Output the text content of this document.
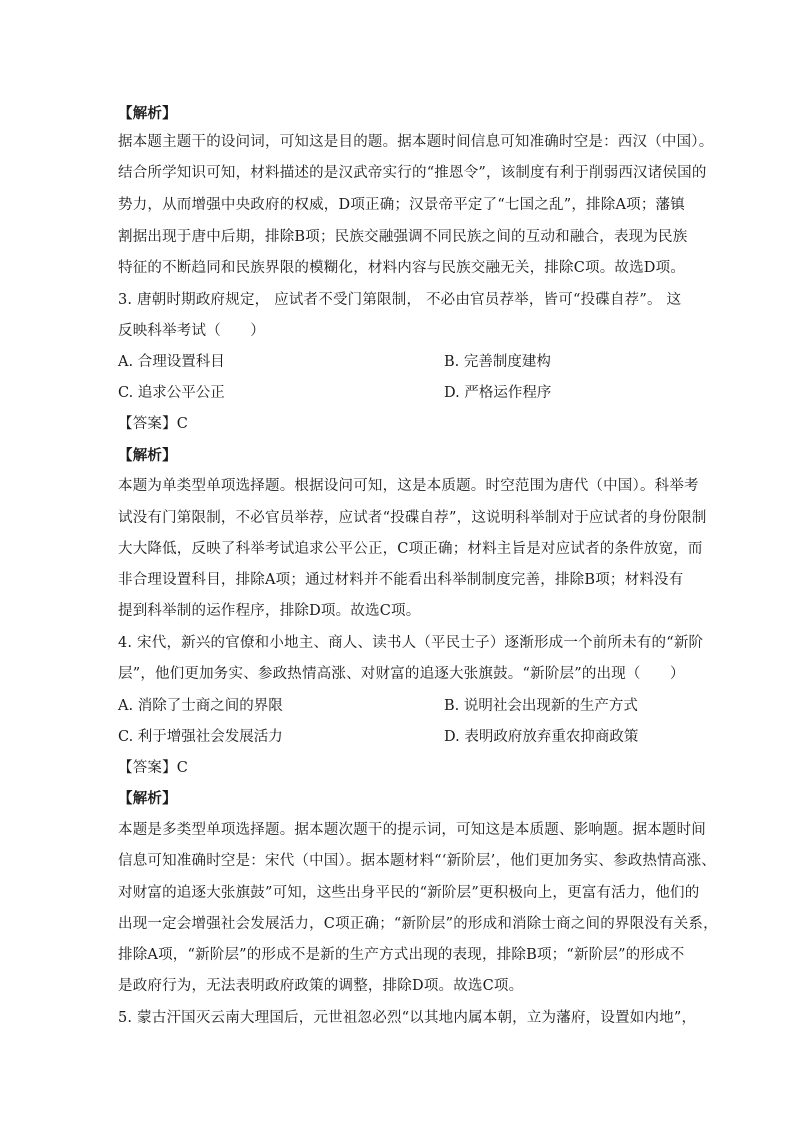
【解析】
据本题主题干的设问词，可知这是目的题。据本题时间信息可知准确时空是：西汉（中国）。
结合所学知识可知，材料描述的是汉武帝实行的“推恩令”，该制度有利于削弱西汉诸侯国的
势力，从而增强中央政府的权威，D项正确；汉景帝平定了“七国之乱”，排除A项；藩镇
割据出现于唐中后期，排除B项；民族交融强调不同民族之间的互动和融合，表现为民族
特征的不断趋同和民族界限的模糊化，材料内容与民族交融无关，排除C项。故选D项。
3. 唐朝时期政府规定， 应试者不受门第限制， 不必由官员荐举，皆可“投碟自荐”。 这
反映科举考试（　　）
A. 合理设置科目	B. 完善制度建构
C. 追求公平公正	D. 严格运作程序
【答案】C
【解析】
本题为单类型单项选择题。根据设问可知，这是本质题。时空范围为唐代（中国）。科举考
试没有门第限制，不必官员举荐，应试者“投碟自荐”，这说明科举制对于应试者的身份限制
大大降低，反映了科举考试追求公平公正，C项正确；材料主旨是对应试者的条件放宽，而
非合理设置科目，排除A项；通过材料并不能看出科举制制度完善，排除B项；材料没有
提到科举制的运作程序，排除D项。故选C项。
4. 宋代，新兴的官僚和小地主、商人、读书人（平民士子）逐渐形成一个前所未有的“新阶
层”，他们更加务实、参政热情高涨、对财富的追逐大张旗鼓。“新阶层”的出现（　　）
A. 消除了士商之间的界限	B. 说明社会出现新的生产方式
C. 利于增强社会发展活力	D. 表明政府放弃重农抑商政策
【答案】C
【解析】
本题是多类型单项选择题。据本题次题干的提示词，可知这是本质题、影响题。据本题时间
信息可知准确时空是：宋代（中国）。据本题材料“‘新阶层’，他们更加务实、参政热情高涨、
对财富的追逐大张旗鼓”可知，这些出身平民的“新阶层”更积极向上，更富有活力，他们的
出现一定会增强社会发展活力，C项正确；“新阶层”的形成和消除士商之间的界限没有关系，
排除A项，“新阶层”的形成不是新的生产方式出现的表现，排除B项；“新阶层”的形成不
是政府行为，无法表明政府政策的调整，排除D项。故选C项。
5. 蒙古汗国灭云南大理国后，元世祖忽必烈“以其地内属本朝，立为藩府，设置如内地”，
